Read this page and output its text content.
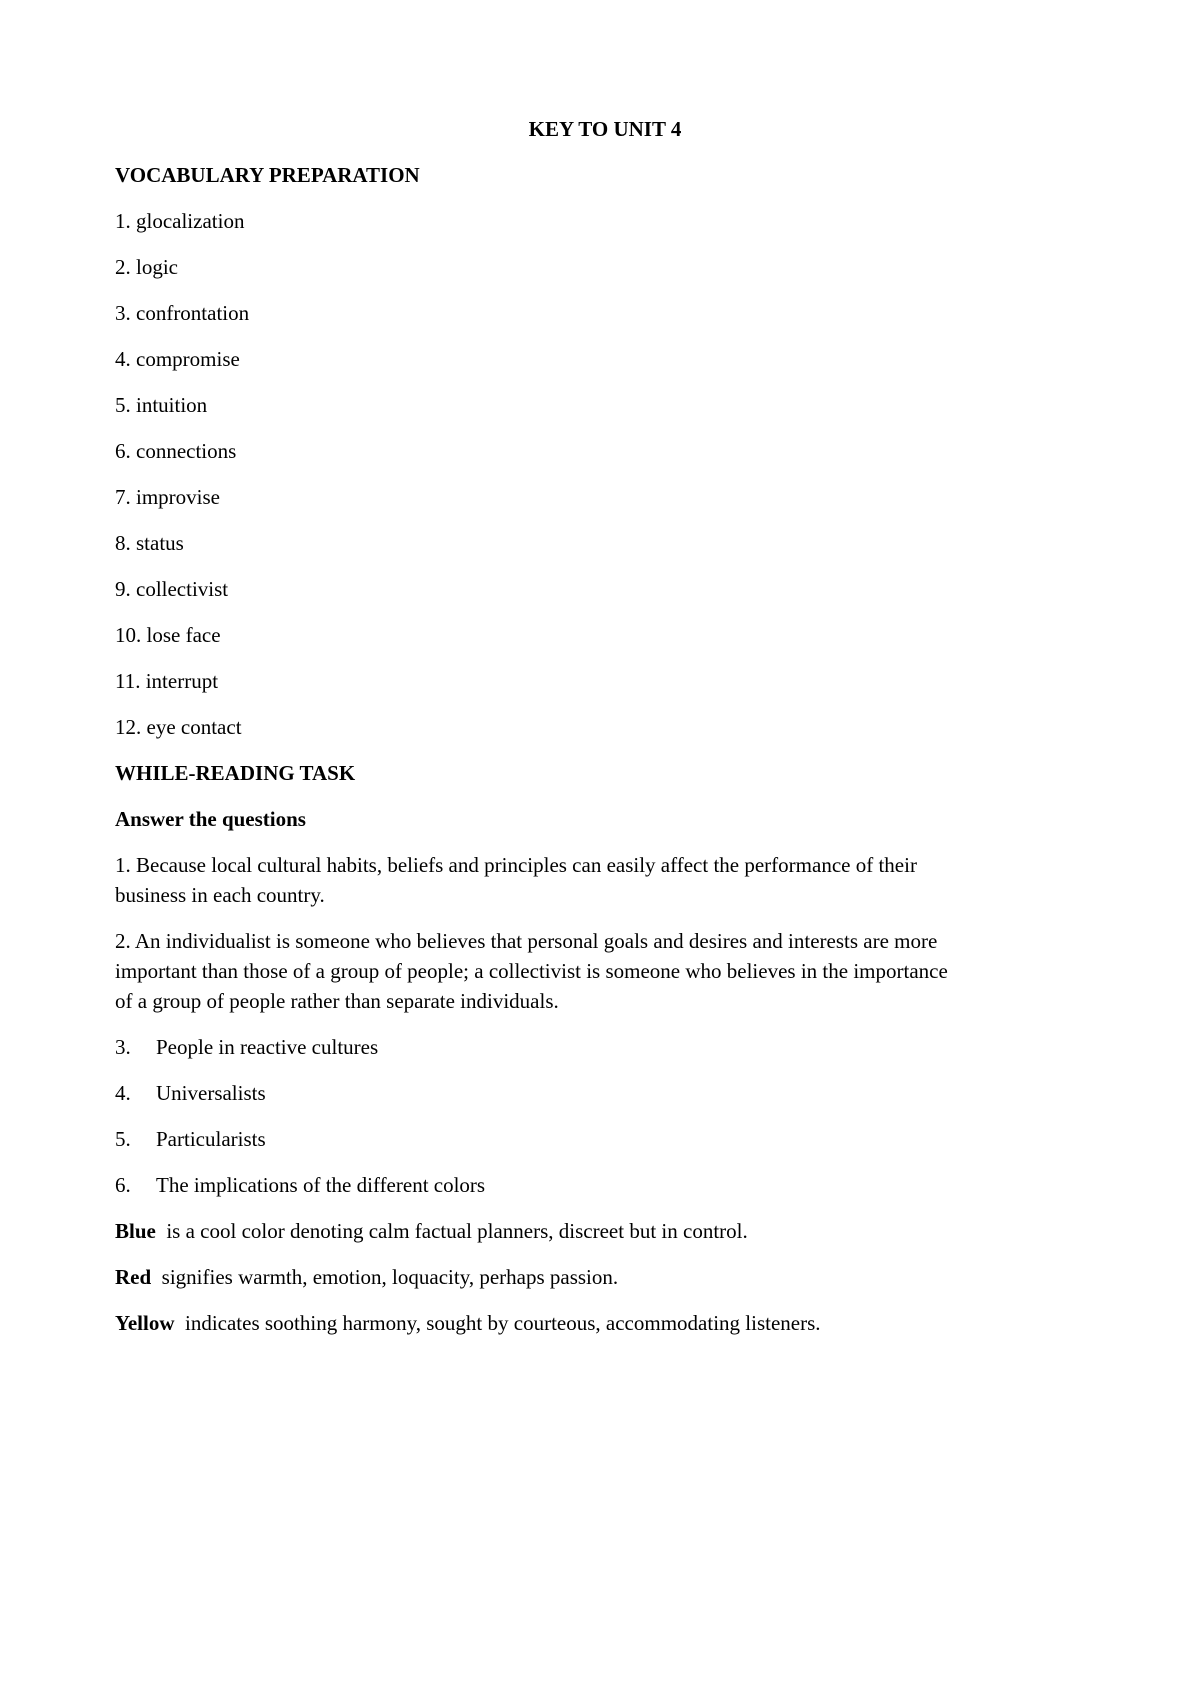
KEY TO UNIT 4
VOCABULARY PREPARATION
1. glocalization
2. logic
3. confrontation
4. compromise
5. intuition
6. connections
7. improvise
8. status
9. collectivist
10. lose face
11. interrupt
12. eye contact
WHILE-READING TASK
Answer the questions
1. Because local cultural habits, beliefs and principles can easily affect the performance of their
business in each country.
2. An individualist is someone who believes that personal goals and desires and interests are more
important than those of a group of people; a collectivist is someone who believes in the importance
of a group of people rather than separate individuals.
3.	People in reactive cultures
4.	Universalists
5.	Particularists
6.	The implications of the different colors
Blue is a cool color denoting calm factual planners, discreet but in control.
Red signifies warmth, emotion, loquacity, perhaps passion.
Yellow indicates soothing harmony, sought by courteous, accommodating listeners.
